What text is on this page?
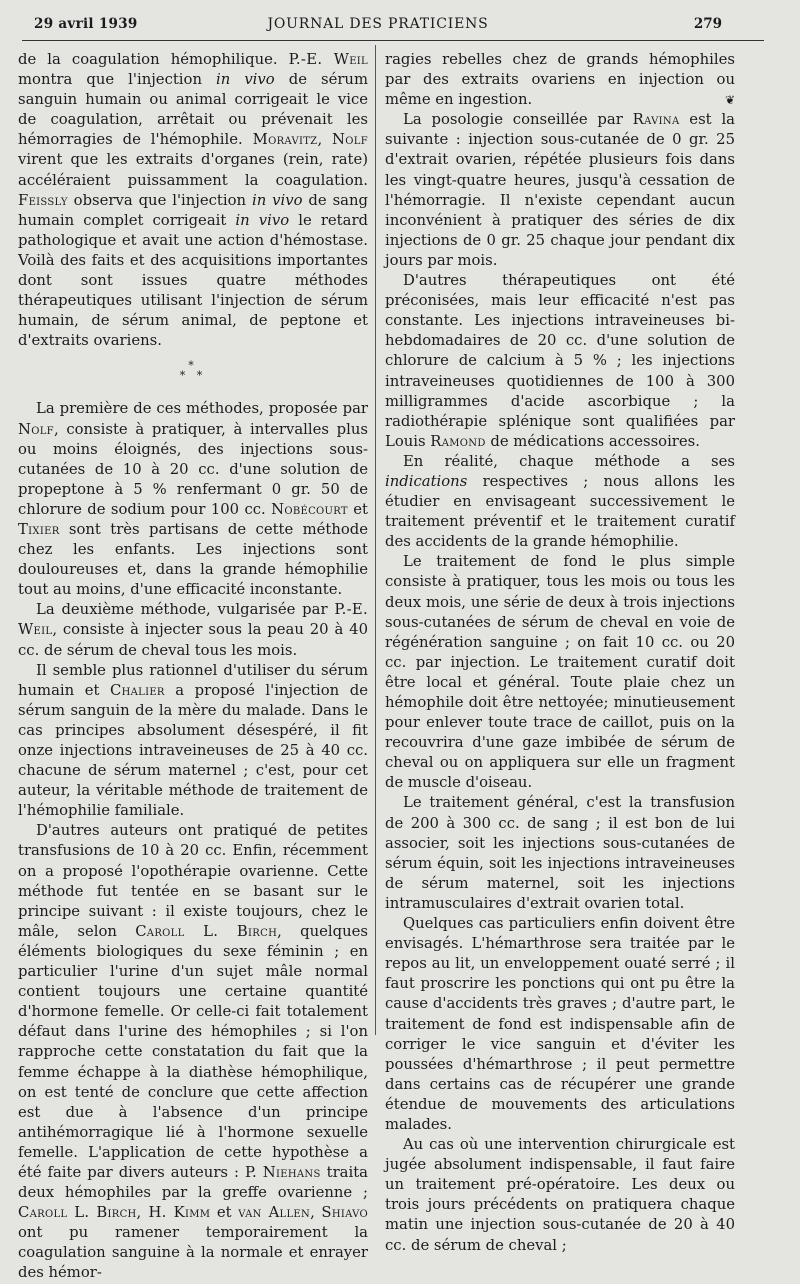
29 avril 1939	JOURNAL DES PRATICIENS	279

de la coagulation hémophilique. P.-E. Weil montra que l'injection in vivo de sérum sanguin humain ou animal corrigeait le vice de coagulation, arrêtait ou prévenait les hémorragies de l'hémophile. Moravitz, Nolf virent que les extraits d'organes (rein, rate) accéléraient puissamment la coagulation. Feissly observa que l'injection in vivo de sang humain complet corrigeait in vivo le retard pathologique et avait une action d'hémostase. Voilà des faits et des acquisitions importantes dont sont issues quatre méthodes thérapeutiques utilisant l'injection de sérum humain, de sérum animal, de peptone et d'extraits ovariens.

*
* *

La première de ces méthodes, proposée par Nolf, consiste à pratiquer, à intervalles plus ou moins éloignés, des injections sous-cutanées de 10 à 20 cc. d'une solution de propeptone à 5 % renfermant 0 gr. 50 de chlorure de sodium pour 100 cc. Nobécourt et Tixier sont très partisans de cette méthode chez les enfants. Les injections sont douloureuses et, dans la grande hémophilie tout au moins, d'une efficacité inconstante.

La deuxième méthode, vulgarisée par P.-E. Weil, consiste à injecter sous la peau 20 à 40 cc. de sérum de cheval tous les mois.

Il semble plus rationnel d'utiliser du sérum humain et Chalier a proposé l'injection de sérum sanguin de la mère du malade. Dans le cas principes absolument désespéré, il fit onze injections intraveineuses de 25 à 40 cc. chacune de sérum maternel ; c'est, pour cet auteur, la véritable méthode de traitement de l'hémophilie familiale.

D'autres auteurs ont pratiqué de petites transfusions de 10 à 20 cc. Enfin, récemment on a proposé l'opothérapie ovarienne. Cette méthode fut tentée en se basant sur le principe suivant : il existe toujours, chez le mâle, selon Caroll L. Birch, quelques éléments biologiques du sexe féminin ; en particulier l'urine d'un sujet mâle normal contient toujours une certaine quantité d'hormone femelle. Or celle-ci fait totalement défaut dans l'urine des hémophiles ; si l'on rapproche cette constatation du fait que la femme échappe à la diathèse hémophilique, on est tenté de conclure que cette affection est due à l'absence d'un principe antihémorragique lié à l'hormone sexuelle femelle. L'application de cette hypothèse a été faite par divers auteurs : P. Niehans traita deux hémophiles par la greffe ovarienne ; Caroll L. Birch, H. Kimm et van Allen, Shiavo ont pu ramener temporairement la coagulation sanguine à la normale et enrayer des hémor-

ragies rebelles chez de grands hémophiles par des extraits ovariens en injection ou même en ingestion.	❦

La posologie conseillée par Ravina est la suivante : injection sous-cutanée de 0 gr. 25 d'extrait ovarien, répétée plusieurs fois dans les vingt-quatre heures, jusqu'à cessation de l'hémorragie. Il n'existe cependant aucun inconvénient à pratiquer des séries de dix injections de 0 gr. 25 chaque jour pendant dix jours par mois.

D'autres thérapeutiques ont été préconisées, mais leur efficacité n'est pas constante. Les injections intraveineuses bi-hebdomadaires de 20 cc. d'une solution de chlorure de calcium à 5 % ; les injections intraveineuses quotidiennes de 100 à 300 milligrammes d'acide ascorbique ; la radiothérapie splénique sont qualifiées par Louis Ramond de médications accessoires.

En réalité, chaque méthode a ses indications respectives ; nous allons les étudier en envisageant successivement le traitement préventif et le traitement curatif des accidents de la grande hémophilie.

Le traitement de fond le plus simple consiste à pratiquer, tous les mois ou tous les deux mois, une série de deux à trois injections sous-cutanées de sérum de cheval en voie de régénération sanguine ; on fait 10 cc. ou 20 cc. par injection. Le traitement curatif doit être local et général. Toute plaie chez un hémophile doit être nettoyée; minutieusement pour enlever toute trace de caillot, puis on la recouvrira d'une gaze imbibée de sérum de cheval ou on appliquera sur elle un fragment de muscle d'oiseau.

Le traitement général, c'est la transfusion de 200 à 300 cc. de sang ; il est bon de lui associer, soit les injections sous-cutanées de sérum équin, soit les injections intraveineuses de sérum maternel, soit les injections intramusculaires d'extrait ovarien total.

Quelques cas particuliers enfin doivent être envisagés. L'hémarthrose sera traitée par le repos au lit, un enveloppement ouaté serré ; il faut proscrire les ponctions qui ont pu être la cause d'accidents très graves ; d'autre part, le traitement de fond est indispensable afin de corriger le vice sanguin et d'éviter les poussées d'hémarthrose ; il peut permettre dans certains cas de récupérer une grande étendue de mouvements des articulations malades.

Au cas où une intervention chirurgicale est jugée absolument indispensable, il faut faire un traitement pré-opératoire. Les deux ou trois jours précédents on pratiquera chaque matin une injection sous-cutanée de 20 à 40 cc. de sérum de cheval ;
